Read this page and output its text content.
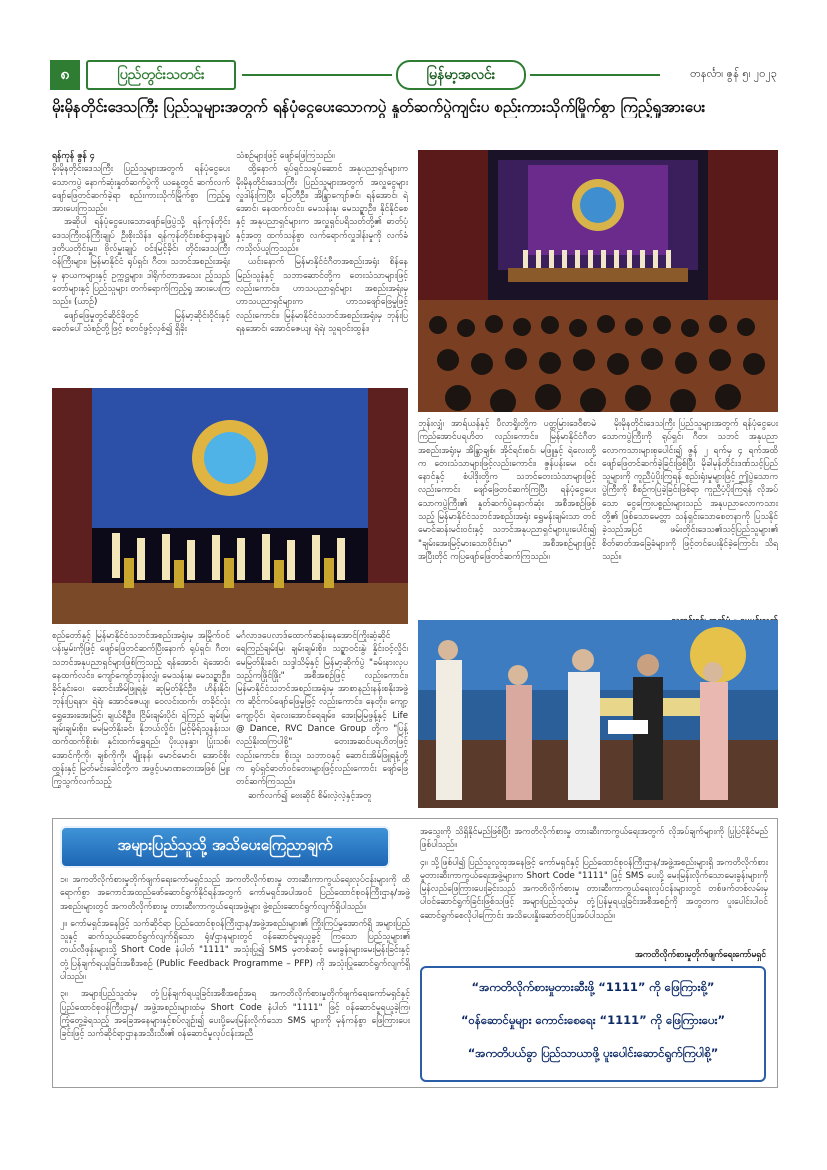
၈	ပြည်တွင်းသတင်း	မြန်မာ့အလင်း	တနင်္လာ၊ ဇွန် ၅၊ ၂၀၂၃
မိုးမိုနတိုင်းဒေသကြီး ပြည်သူများအတွက် ရန်ပုံငွေပေးသောကပွဲ နှုတ်ဆက်ပွဲကျင်းပ စည်းကားသိုက်မြိုက်စွာ ကြည့်ရှုအားပေး
ရန်ကုန် ဇွန် ၄

မိုးမိုနတိုင်းဒေသကြီး ပြည်သူများအတွက် ရန်ပုံငွေပေးသောကပွဲ နောက်ဆုံးနှုတ်ဆက်ပွဲကို ယနေ့တွင် ဆက်လက်ဖျော်ဖြေတင်ဆက်ခဲ့ရာ စည်းကားသိုက်မြိုက်စွာ ကြည့်ရှုအားပေးကြသည်။

အဆိုပါ ရန်ပုံငွေပေးသောဖျော်ဖြေပွဲသို့ ရန်ကုန်တိုင်းဒေသကြီးဝန်ကြီးချုပ် ဦးစိုးသိန်း၊ ရန်ကုန်တိုင်းစစ်ဌာနချုပ် ဒုတိယတိုင်းမှူး၊ ဗိုလ်မှူးချုပ် ဝင်းမြင့်ခိုင်၊ တိုင်းဒေသကြီးဝန်ကြီးများ၊ မြန်မာနိုင်ငံ ရုပ်ရှင်၊ ဂီတ၊ သဘင်အစည်းအရုံးမှ နာယကများနှင့် ဥက္ကဋ္ဌများ၊ ဒါရိုက်တာအသေး ည့်သည်တော်များနှင့် ပြည်သူများ တက်ရောက်ကြည့်ရှု အားပေးကြသည်။ (ယာဉ်)

ဖျော်ဖြေမှုတွင်ဆိုင်ခိုတွင် မြန်မာ့ဆိုင်းဝိုင်းနှင့် ခေတ်ပေါ်သံစဉ်တို့ဖြင့် စတင်ဖွင့်လှစ်၍ ရှိခိုး

သံစဉ်များဖြင့် ဖျော်ဖြေကြသည်။

ထို့နောက် ရုပ်ရှင်သရုပ်ဆောင် အနုပညာရှင်များက မိုးမိုနတိုင်းဒေသကြီး ပြည်သူများအတွက် အလှူငွေများလှူဒါန်းကြပြီး ပြေတီဦး၊ အိန္ဒြာကျော်ဇင်၊ ရန်အောင်၊ ရဲအောင်၊ နေထက်လင်း၊ မေသန်းနု၊ မေသဉ္ဇာဦး၊ နိုင်နိုင်စေနှင့် အနုပညာရှင်များက အလှူရှင်ပရိသတ်တို့၏ ဓာတ်ပုံနှင့်အတူ ထက်သန်စွာ လက်ရောက်လှူဒါန်းမှုကို လက်ခံကသိုလ်ယူကြသည်။

ယင်းနောက် မြန်မာနိုင်ငံဂီတအစည်းအရုံး စိန်နေမြည်၊သူနံနှင့် သဘာဆောင်တို့က တေးသံသာများဖြင့်လည်းကောင်း၊ ဟာသပညာရှင်များ အစည်းအရုံးမှ ဟာသပညာရှင်များက ဟာသဖျော်ဖြေမှုဖြင့် လည်းကောင်း၊ မြန်မာနိုင်ငံသဘင်အစည်းအရုံးမှ ဘုန်းပြရနအောင်၊ အောင်ဇေယျ၊ ရဲရဲ၊ သူရဝင်းထွန်း၊

ဘုန်းလျှံ၊ အာရ်ယန်နှင့် ပီလာရှိုးတို့က ပတ္တမြားဒေဝီစာမဲကြည်အောင်ပရဟိတ လည်းကောင်း၊ မြန်မာနိုင်ငံဂီတအစည်းအရုံးမှ အိန္ဒြာချစ်၊ အိုင်ရင်းစင်၊ မဖြူနှင့် ရဲလေးတို့က တေးသံသာများဖြင့်လည်းကောင်း၊ ဇွန်ပန်းမေ၊ ဝင်းနောင်နှင့် စံပါဒိုးတို့က သဘင်တေးသံသာများဖြင့်လည်းကောင်း ဖျော်ဖြေတင်ဆက်ကြပြီး ရန်ပုံငွေပေးသောကပွဲကြီး၏ နှုတ်ဆက်ပွဲနောက်ဆုံး အစီအစဉ်ဖြစ်သည့် မြန်မာနိုင်ငံသဘင်အစည်းအရုံး ရွှေမန်းချမ်းသာ တင်မောင်ဆန်းမင်းဝင်းနှင့် သဘင်အနုပညာရှင်များပူးပေါင်း၍ "ချမ်းအေးမြင့်မားသောဝိုင်းမှာ" အစီအစဉ်များဖြင့် အပြီးတိုင် ကပြဖျော်ဖြေတင်ဆက်ကြသည်။

မိုးမိုနတိုင်းဒေသကြီး ပြည်သူများအတွက် ရန်ပုံငွေပေးသောကပွဲကြီးကို ရုပ်ရှင်၊ ဂီတ၊ သဘင် အနုပညာလောကသားများစုပေါင်း၍ ဇွန် ၂ ရက်မှ ၄ ရက်အထိ ဖျော်ဖြေတင်ဆက်ခဲ့ခြင်းဖြစ်ပြီး မိုခါမုန်တိုင်းဒဏ်သင့်ပြည်သူများကို ကူညီပံ့ပိုးကြရန် စည်းရုံးမှုများဖြင့် ဤပွဲသောကပွဲကြီးကို စီစဉ်ကပြခဲ့ခြင်းဖြစ်ရာ ကူညီပံ့ပိုးကြရန် လိုအပ်သော ငွေကြေးပစ္စည်းများသည် အနုပညာလောကသားတို့၏ ဖြစ်သောမေတ္တာ သန်ရှင်းသောစေတနာကို ပြသနိုင်ခဲ့သည်အပြင် ဖမ်းတိုင်းဒေသ၏သင့်ပြည်သူများ၏ စိတ်ဓာတ်အခြေခံများကို ဖြင့်တင်ပေးနိုင်ခဲ့ကြောင်း သိရသည်။

စည်တော်နှင့် မြန်မာနိုင်ငံသဘင်အစည်းအရုံးမှ အမြိုက်ဝင်ပန်းမွမ်းကိုဖြင့် ဖျော်ဖြေတင်ဆက်ပြီးနောက် ရုပ်ရှင်၊ ဂီတ၊ သဘင်အနုပညာရှင်များဖြစ်ကြသည့် ရန်အောင်၊ ရဲအောင်၊ နေထက်လင်း၊ ကျော်ကျော်ဘုန်းလျှံ၊ မေသန်းနု၊ မေသဉ္ဇာဦး၊ ခိုင်နှင်းဝေ၊ ဆောင်းအိမ်ဖြူရနံ့၊ ဆုမြတ်နိုင်ဦး၊ ဟိန်းနိုင်၊ ဘုန်းပြရနာ၊ ရဲရဲ၊ အောင်ဇေယျ၊ ဝေလင်းထက်၊ တခိုင်လုံး ရွှေအေးအေးမြင့်၊ ချယ်ရီဦး၊ ငြိမ်းချမ်းပိုင်၊ ရဲကြည် ချမ်းမြ၊ ချမ်းချမ်းစိုး၊ မေမြတ်နိုးခင်၊ နိုဘယ်လှိုင်၊ မြင့်မိုရ်သူနန်းသ၊ ထက်ထက်စိုးစံ၊ နှင်းထက်ရွှေရည်၊ ပိုးယုနန္ဒာ၊ ပြုံးသစ်၊ အောင်ကိုကို၊ ချစ်ကိုကို၊ မျိုးနန်၊ မောင်မောင်၊ အောင်စိုးထွန်းနှင့် မြတ်မင်းခေါင်တို့က အဖွင့်ပမာဏတေးအဖြစ် မြူးကြွသွက်လက်သည့်

မင်္ဂလာဒပေလာဒ်ထောက်ဆန်းနေအောင်ကြိုးဆံ့ဆိုင်ရေကြည်ချမ်းမြ၊ ချမ်းချမ်းစိုး၊ သဉ္ဇာဝင်းနွဲ၊ နှိုင်းဝင့်လှိုင်၊ မေမြတ်နိုးခင်၊ သဒ္ဒါသိမ့်နှင့် မြန်မာ့ဆိုက်ပွဲ "ခမ်းနားလှပသည့်ကဖြိုင်ဖြိုး" အစီအစဉ်ဖြင့် လည်းကောင်း၊ မြန်မာနိုင်ငံသဘင်အစည်းအရုံးမှ အာစာနည်းနန်းစနိုးအဖွဲ့က ဆိုင်ကပ်ဖျော်ဖြေမှုဖြင့် လည်းကောင်း၊ နေတိုး၊ ကျော့ကျော့ပိုင်၊ ရဲလေးအောင်ရေချမ်း၊ အေးမြမြဖွန့်နှင့် Life @ Dance, RVC Dance Group တို့က "ပြန့်လည်နိုးထကြပါစို့" တေးအဆင်ပရဟိတဖြင့်လည်းကောင်း၊ စိုးသူ၊ သဘာဝနှင့် ဆောင်းအိမ်ဖြူရနံ့တို့က ရုပ်ရှင်ဓာတ်ဝင်တေးများဖြင့်လည်းကောင်း ဖျော်ဖြေတင်ဆက်ကြသည်။

ဆက်လက်၍ ဗေးဆိုင် စိမ်းလဲ့လဲ့နှင့်အတူ

အများပြည်သူသို့ အသိပေးကြေညာချက်

၁။ အကတိလိုက်စားမှုတိုက်ဖျက်ရေးကော်မရှင်သည် အကတိလိုက်စားမှု တားဆီးကာကွယ်ရေးလုပ်ငန်းများကို ထိရောက်စွာ အကောင်အထည်ဖော်ဆောင်ရွက်နိုင်ရန်အတွက် ကော်မရှင်အပါအဝင် ပြည်ထောင်စုဝန်ကြီးဌာန/အဖွဲ့အစည်းများတွင် အကတိလိုက်စားမှု တားဆီးကာကွယ်ရေးအဖွဲ့များ ဖွဲ့စည်းဆောင်ရွက်လျက်ရှိပါသည်။

၂။ ကော်မရှင်အနေဖြင့် သက်ဆိုင်ရာ ပြည်ထောင်စုဝန်ကြီးဌာန/အဖွဲ့အစည်းများ၏ ကြိုးကြပ်မှုအောက်ရှိ အများပြည်သူနှင့် ဆက်သွယ်ဆောင်ရွက်လျက်ရှိသော ရုံး/ဌာနများတွင် ဝန်ဆောင်မှုရယူခွင့် ကြသော ပြည်သူများ၏ တယ်လီဖုန်းများသို့ Short Code နံပါတ် "1111" အသုံးပြု၍ SMS မှတစ်ဆင့် မေးခွန်းများမေးမြန်းခြင်းနှင့် တုံ့ပြန်ချက်ရယူခြင်းအစီအစဉ် (Public Feedback Programme – PFP) ကို အသုံးပြုဆောင်ရွက်လျက်ရှိပါသည်။

၃။ အများပြည်သူထံမှ တုံ့ပြန်ချက်ရယူခြင်းအစီအစဉ်အရ အကတိလိုက်စားမှုတိုက်ဖျက်ရေးကော်မရှင်နှင့် ပြည်ထောင်စုဝန်ကြီးဌာန/ အဖွဲ့အစည်းများထံမှ Short Code နံပါတ် "1111" ဖြင့် ဝန်ဆောင်မှုရယူခဲ့ကြ၊ ကြုံတွေ့ခဲ့ရသည့် အခြေအနေများနှင့်စပ်လျဉ်း၍ ပေးပို့မေးမြန်းလိုက်သော SMS များကို မှန်ကန်စွာ ဖြေကြားပေးခြင်းဖြင့် သက်ဆိုင်ရာဌာနအသီးသီး၏ ဝန်ဆောင်မှုလုပ်ငန်းအညီ

အသွေးကို သိရှိနိုင်မည်ဖြစ်ပြီး အကတိလိုက်စားမှု တားဆီးကာကွယ်ရေးအတွက် လိုအပ်ချက်များကို ပြုပြင်နိုင်မည်ဖြစ်ပါသည်။

၄။ သို့ဖြစ်ပါ၍ ပြည်သူလူထုအနေဖြင့် ကော်မရှင်နှင့် ပြည်ထောင်စုဝန်ကြီးဌာန/အဖွဲ့အစည်းများရှိ အကတိလိုက်စားမှုတားဆီးကာကွယ်ရေးအဖွဲ့များက Short Code "1111" ဖြင့် SMS ပေးပို့ မေးမြန်းလိုက်သောမေးခွန်းများကို မြန်လည်ဖြေကြားပေးခြင်းသည် အကတိလိုက်စားမှု တားဆီးကာကွယ်ရေးလုပ်ငန်းများတွင် တစ်ဖက်တစ်လမ်းမှ ပါဝင်ဆောင်ရွက်ခြင်းဖြစ်သဖြင့် အများပြည်သူထံမှ တုံ့ပြန်မှုရယူခြင်းအစီအစဉ်ကို အတွတက ပူးပေါင်းပါဝင်ဆောင်ရွက်စေလိုပါကြောင်း အသိပေးနှိုးဆော်တင်ပြအပ်ပါသည်။

အကတိလိုက်စားမှုတိုက်ဖျက်ရေးကော်မရှင်
“အကတိလိုက်စားမှုတားဆီးဖို့ “1111” ကို ဖြေကြားစို့”
“ဝန်ဆောင်မှုများ ကောင်းစေရေး “1111” ကို ဖြေကြားပေး”
“အကတိပယ်ခွာ ပြည်သာယာဖို့ ပူးပေါင်းဆောင်ရွက်ကြပါစို့”
